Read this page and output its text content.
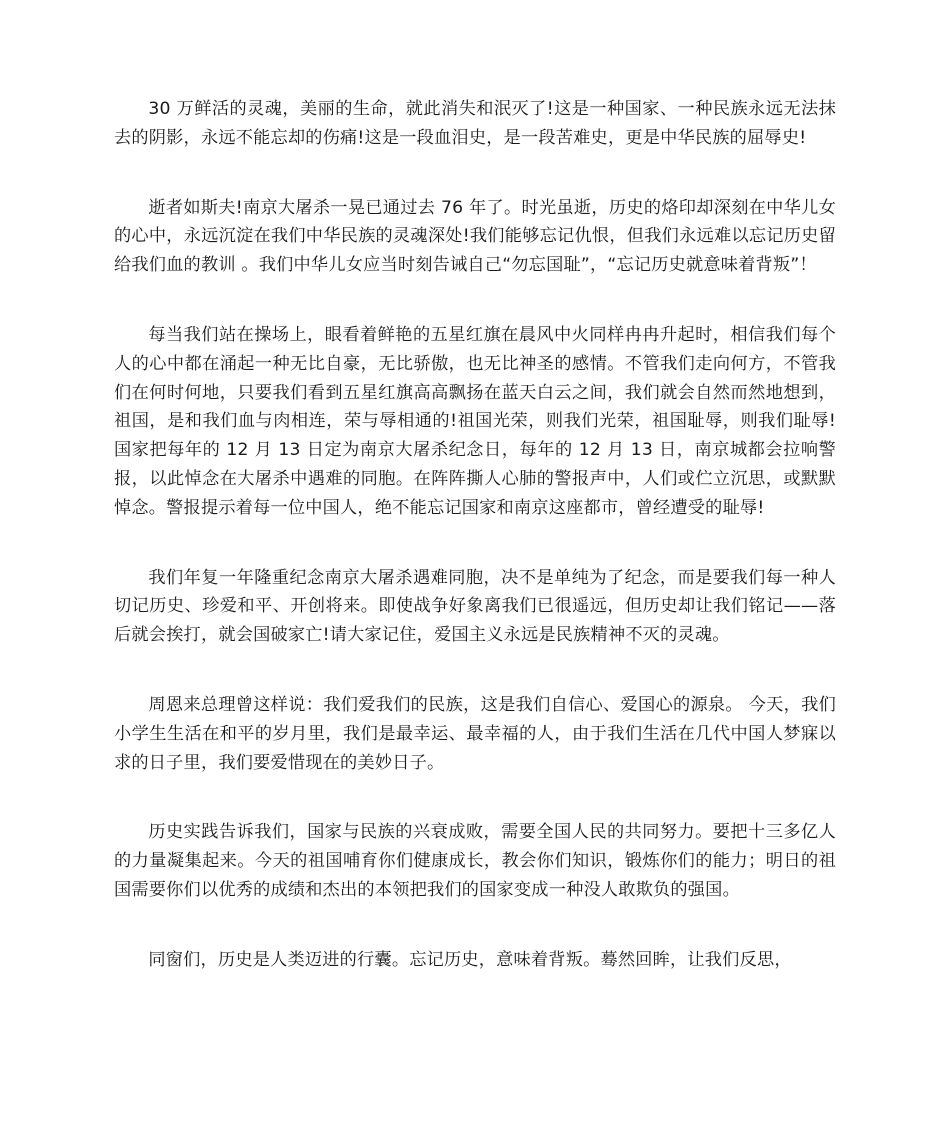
30 万鲜活的灵魂，美丽的生命，就此消失和泯灭了!这是一种国家、一种民族永远无法抹去的阴影，永远不能忘却的伤痛!这是一段血泪史，是一段苦难史，更是中华民族的屈辱史!

逝者如斯夫!南京大屠杀一晃已通过去 76 年了。时光虽逝，历史的烙印却深刻在中华儿女的心中，永远沉淀在我们中华民族的灵魂深处!我们能够忘记仇恨，但我们永远难以忘记历史留给我们血的教训 。我们中华儿女应当时刻告诫自己“勿忘国耻”，“忘记历史就意味着背叛”！

每当我们站在操场上，眼看着鲜艳的五星红旗在晨风中火同样冉冉升起时，相信我们每个人的心中都在涌起一种无比自豪，无比骄傲，也无比神圣的感情。不管我们走向何方，不管我们在何时何地，只要我们看到五星红旗高高飘扬在蓝天白云之间，我们就会自然而然地想到，祖国，是和我们血与肉相连，荣与辱相通的!祖国光荣，则我们光荣，祖国耻辱，则我们耻辱!国家把每年的 12 月 13 日定为南京大屠杀纪念日，每年的 12 月 13 日，南京城都会拉响警报，以此悼念在大屠杀中遇难的同胞。在阵阵撕人心肺的警报声中，人们或伫立沉思，或默默悼念。警报提示着每一位中国人，绝不能忘记国家和南京这座都市，曾经遭受的耻辱!

我们年复一年隆重纪念南京大屠杀遇难同胞，决不是单纯为了纪念，而是要我们每一种人切记历史、珍爱和平、开创将来。即使战争好象离我们已很遥远，但历史却让我们铭记——落后就会挨打，就会国破家亡!请大家记住，爱国主义永远是民族精神不灭的灵魂。

周恩来总理曾这样说：我们爱我们的民族，这是我们自信心、爱国心的源泉。 今天，我们小学生生活在和平的岁月里，我们是最幸运、最幸福的人，由于我们生活在几代中国人梦寐以求的日子里，我们要爱惜现在的美妙日子。

历史实践告诉我们，国家与民族的兴衰成败，需要全国人民的共同努力。要把十三多亿人的力量凝集起来。今天的祖国哺育你们健康成长，教会你们知识，锻炼你们的能力；明日的祖国需要你们以优秀的成绩和杰出的本领把我们的国家变成一种没人敢欺负的强国。

同窗们，历史是人类迈进的行囊。忘记历史，意味着背叛。蓦然回眸，让我们反思，
